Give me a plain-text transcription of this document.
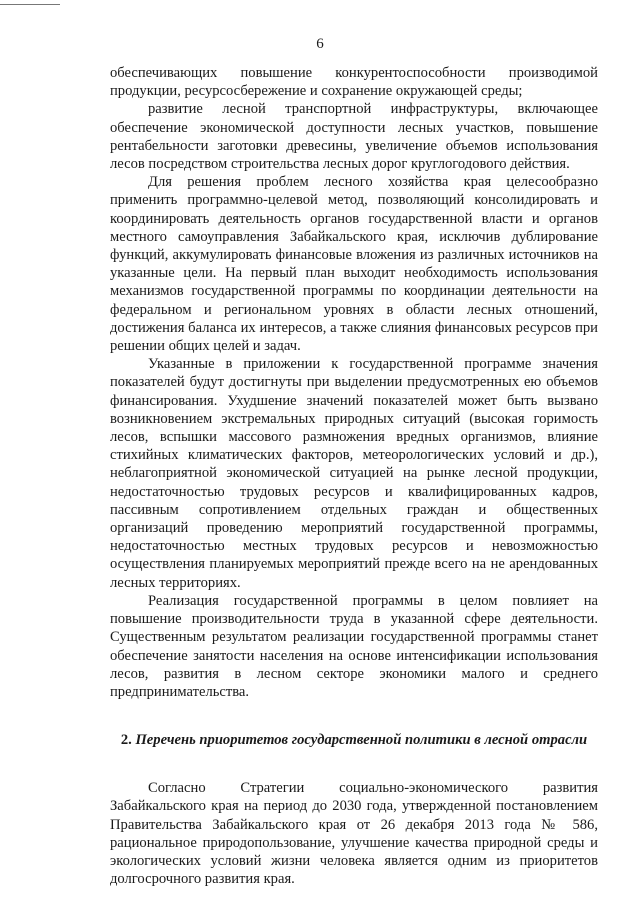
6

обеспечивающих повышение конкурентоспособности производимой продукции, ресурсосбережение и сохранение окружающей среды;

развитие лесной транспортной инфраструктуры, включающее обеспечение экономической доступности лесных участков, повышение рентабельности заготовки древесины, увеличение объемов использования лесов посредством строительства лесных дорог круглогодового действия.

Для решения проблем лесного хозяйства края целесообразно применить программно-целевой метод, позволяющий консолидировать и координировать деятельность органов государственной власти и органов местного самоуправления Забайкальского края, исключив дублирование функций, аккумулировать финансовые вложения из различных источников на указанные цели. На первый план выходит необходимость использования механизмов государственной программы по координации деятельности на федеральном и региональном уровнях в области лесных отношений, достижения баланса их интересов, а также слияния финансовых ресурсов при решении общих целей и задач.

Указанные в приложении к государственной программе значения показателей будут достигнуты при выделении предусмотренных ею объемов финансирования. Ухудшение значений показателей может быть вызвано возникновением экстремальных природных ситуаций (высокая горимость лесов, вспышки массового размножения вредных организмов, влияние стихийных климатических факторов, метеорологических условий и др.), неблагоприятной экономической ситуацией на рынке лесной продукции, недостаточностью трудовых ресурсов и квалифицированных кадров, пассивным сопротивлением отдельных граждан и общественных организаций проведению мероприятий государственной программы, недостаточностью местных трудовых ресурсов и невозможностью осуществления планируемых мероприятий прежде всего на не арендованных лесных территориях.

Реализация государственной программы в целом повлияет на повышение производительности труда в указанной сфере деятельности. Существенным результатом реализации государственной программы станет обеспечение занятости населения на основе интенсификации использования лесов, развития в лесном секторе экономики малого и среднего предпринимательства.

2. Перечень приоритетов государственной политики в лесной отрасли

Согласно Стратегии социально-экономического развития Забайкальского края на период до 2030 года, утвержденной постановлением Правительства Забайкальского края от 26 декабря 2013 года № 586, рациональное природопользование, улучшение качества природной среды и экологических условий жизни человека является одним из приоритетов долгосрочного развития края.
